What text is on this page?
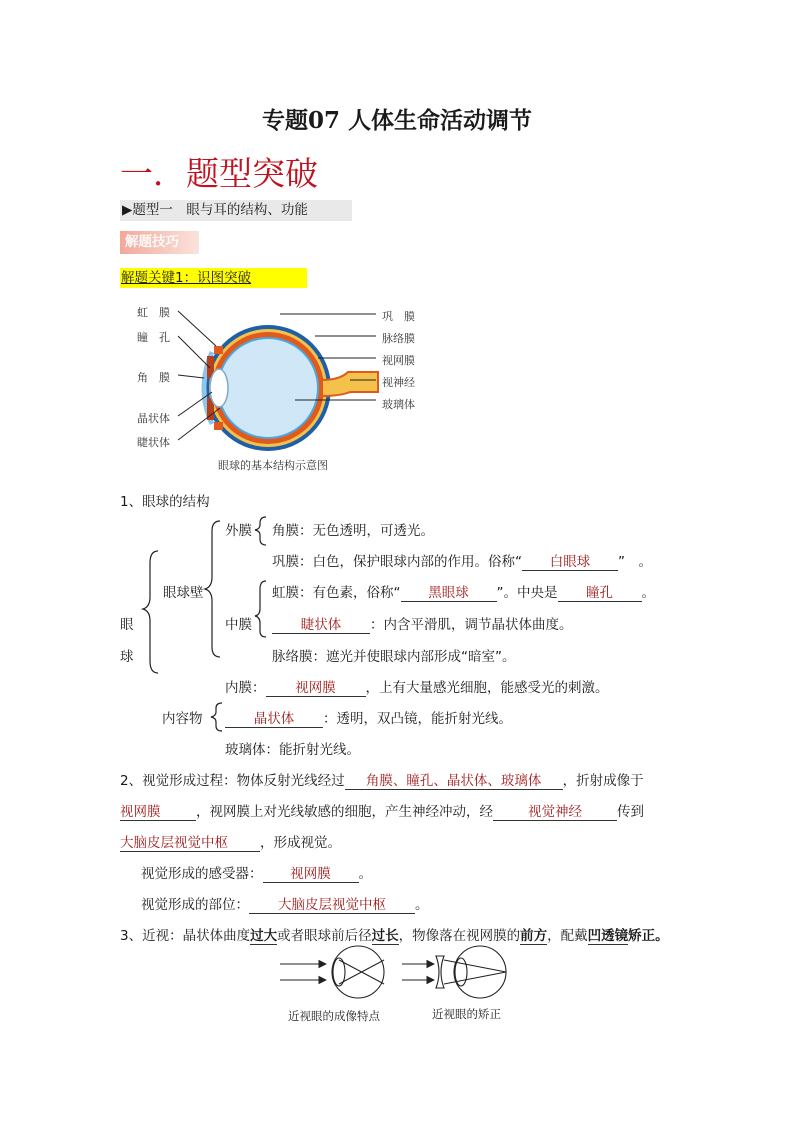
专题07 人体生命活动调节
一．题型突破
▶题型一　眼与耳的结构、功能
解题技巧
解题关键1：识图突破
虹　膜
瞳　孔
角　膜
晶状体
睫状体
巩　膜
脉络膜
视网膜
视神经
玻璃体
眼球的基本结构示意图
1、眼球的结构
眼
球
眼球壁
外膜
中膜
内容物
角膜：无色透明，可透光。
巩膜：白色，保护眼球内部的作用。俗称“ 白眼球 ”　。
虹膜：有色素，俗称“ 黑眼球 ”。中央是 瞳孔 。
睫状体 ：内含平滑肌，调节晶状体曲度。
脉络膜：遮光并使眼球内部形成“暗室”。
内膜： 视网膜 ，上有大量感光细胞，能感受光的刺激。
晶状体 ：透明，双凸镜，能折射光线。
玻璃体：能折射光线。
2、视觉形成过程：物体反射光线经过 角膜、瞳孔、晶状体、玻璃体 ，折射成像于
视网膜	，视网膜上对光线敏感的细胞，产生神经冲动，经	视觉神经	传到
大脑皮层视觉中枢 ，形成视觉。
视觉形成的感受器： 视网膜 。
视觉形成的部位： 大脑皮层视觉中枢 。
3、近视：晶状体曲度过大或者眼球前后径过长，物像落在视网膜的前方，配戴凹透镜矫正。
近视眼的成像特点	近视眼的矫正
